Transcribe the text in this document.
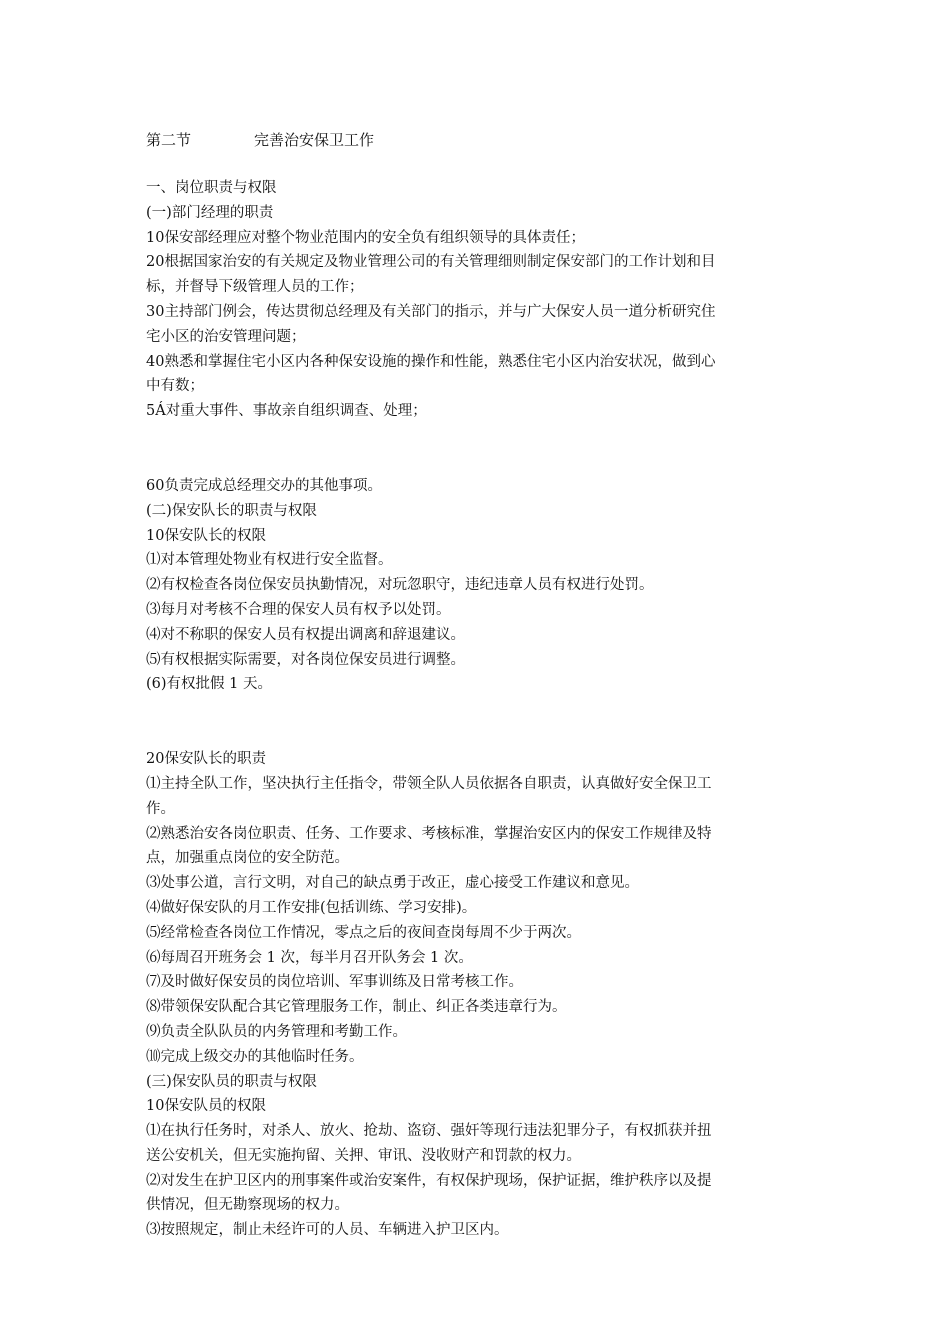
第二节	完善治安保卫工作

一、岗位职责与权限

(一)部门经理的职责

10保安部经理应对整个物业范围内的安全负有组织领导的具体责任；

20根据国家治安的有关规定及物业管理公司的有关管理细则制定保安部门的工作计划和目

标，并督导下级管理人员的工作；

30主持部门例会，传达贯彻总经理及有关部门的指示，并与广大保安人员一道分析研究住

宅小区的治安管理问题；

40熟悉和掌握住宅小区内各种保安设施的操作和性能，熟悉住宅小区内治安状况，做到心

中有数；

5Á对重大事件、事故亲自组织调查、处理；

60负责完成总经理交办的其他事项。

(二)保安队长的职责与权限

10保安队长的权限

⑴对本管理处物业有权进行安全监督。

⑵有权检查各岗位保安员执勤情况，对玩忽职守，违纪违章人员有权进行处罚。

⑶每月对考核不合理的保安人员有权予以处罚。

⑷对不称职的保安人员有权提出调离和辞退建议。

⑸有权根据实际需要，对各岗位保安员进行调整。

(6)有权批假 1 天。

20保安队长的职责

⑴主持全队工作，坚决执行主任指令，带领全队人员依据各自职责，认真做好安全保卫工

作。

⑵熟悉治安各岗位职责、任务、工作要求、考核标准，掌握治安区内的保安工作规律及特

点，加强重点岗位的安全防范。

⑶处事公道，言行文明，对自己的缺点勇于改正，虚心接受工作建议和意见。

⑷做好保安队的月工作安排(包括训练、学习安排)。

⑸经常检查各岗位工作情况，零点之后的夜间查岗每周不少于两次。

⑹每周召开班务会 1 次，每半月召开队务会 1 次。

⑺及时做好保安员的岗位培训、军事训练及日常考核工作。

⑻带领保安队配合其它管理服务工作，制止、纠正各类违章行为。

⑼负责全队队员的内务管理和考勤工作。

⑽完成上级交办的其他临时任务。

(三)保安队员的职责与权限

10保安队员的权限

⑴在执行任务时，对杀人、放火、抢劫、盗窃、强奸等现行违法犯罪分子，有权抓获并扭

送公安机关，但无实施拘留、关押、审讯、没收财产和罚款的权力。

⑵对发生在护卫区内的刑事案件或治安案件，有权保护现场，保护证据，维护秩序以及提

供情况，但无勘察现场的权力。

⑶按照规定，制止未经许可的人员、车辆进入护卫区内。
